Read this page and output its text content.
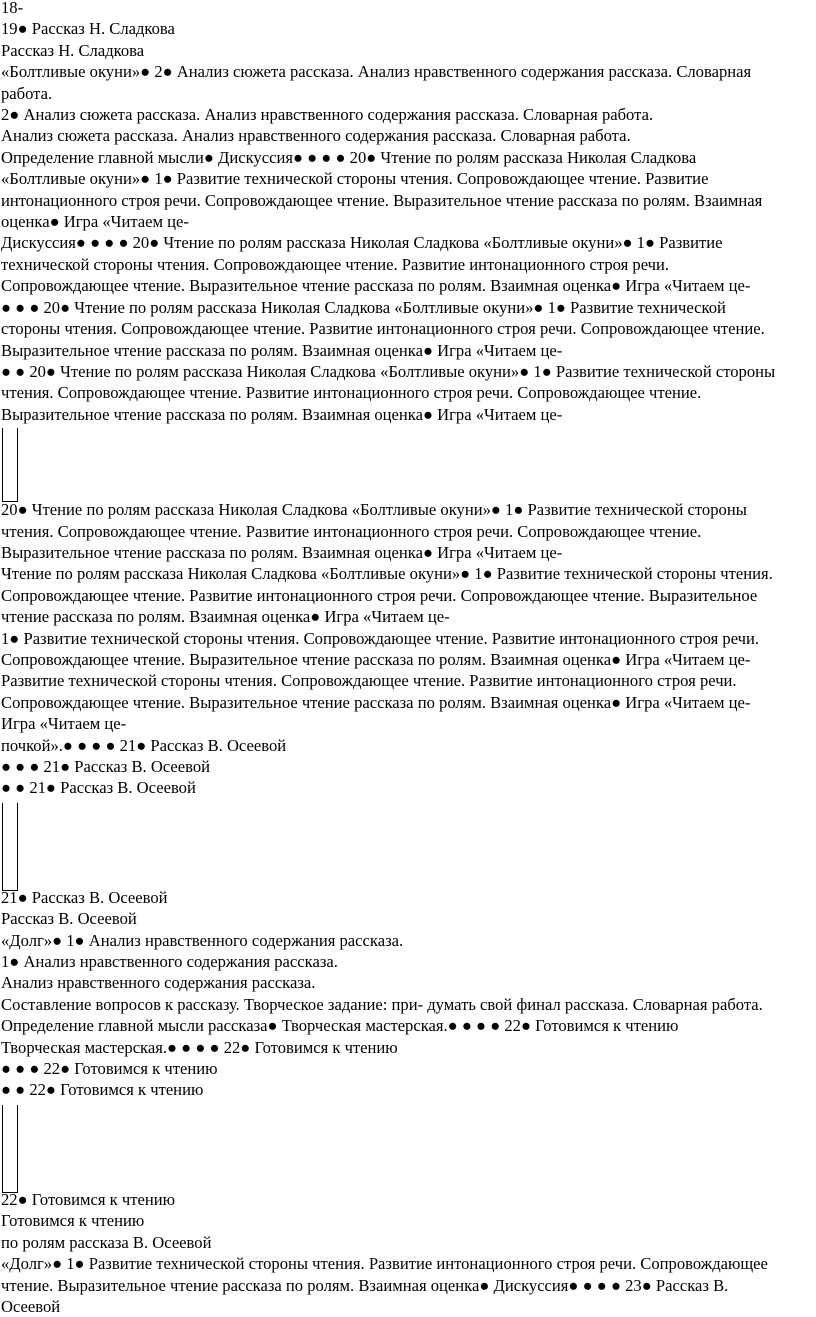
18-
19● Рассказ Н. Сладкова
Рассказ Н. Сладкова
«Болтливые окуни»● 2● Анализ сюжета рассказа. Анализ нравственного содержания рассказа. Словарная
работа.
2● Анализ сюжета рассказа. Анализ нравственного содержания рассказа. Словарная работа.
Анализ сюжета рассказа. Анализ нравственного содержания рассказа. Словарная работа.
Определение главной мысли● Дискуссия● ● ● ● 20● Чтение по ролям рассказа Николая Сладкова
«Болтливые окуни»● 1● Развитие технической стороны чтения. Сопровождающее чтение. Развитие
интонационного строя речи. Сопровождающее чтение. Выразительное чтение рассказа по ролям. Взаимная
оценка● Игра «Читаем це-
Дискуссия● ● ● ● 20● Чтение по ролям рассказа Николая Сладкова «Болтливые окуни»● 1● Развитие
технической стороны чтения. Сопровождающее чтение. Развитие интонационного строя речи.
Сопровождающее чтение. Выразительное чтение рассказа по ролям. Взаимная оценка● Игра «Читаем це-
● ● ● 20● Чтение по ролям рассказа Николая Сладкова «Болтливые окуни»● 1● Развитие технической
стороны чтения. Сопровождающее чтение. Развитие интонационного строя речи. Сопровождающее чтение.
Выразительное чтение рассказа по ролям. Взаимная оценка● Игра «Читаем це-
● ● 20● Чтение по ролям рассказа Николая Сладкова «Болтливые окуни»● 1● Развитие технической стороны
чтения. Сопровождающее чтение. Развитие интонационного строя речи. Сопровождающее чтение.
Выразительное чтение рассказа по ролям. Взаимная оценка● Игра «Читаем це-
20● Чтение по ролям рассказа Николая Сладкова «Болтливые окуни»● 1● Развитие технической стороны
чтения. Сопровождающее чтение. Развитие интонационного строя речи. Сопровождающее чтение.
Выразительное чтение рассказа по ролям. Взаимная оценка● Игра «Читаем це-
Чтение по ролям рассказа Николая Сладкова «Болтливые окуни»● 1● Развитие технической стороны чтения.
Сопровождающее чтение. Развитие интонационного строя речи. Сопровождающее чтение. Выразительное
чтение рассказа по ролям. Взаимная оценка● Игра «Читаем це-
1● Развитие технической стороны чтения. Сопровождающее чтение. Развитие интонационного строя речи.
Сопровождающее чтение. Выразительное чтение рассказа по ролям. Взаимная оценка● Игра «Читаем це-
Развитие технической стороны чтения. Сопровождающее чтение. Развитие интонационного строя речи.
Сопровождающее чтение. Выразительное чтение рассказа по ролям. Взаимная оценка● Игра «Читаем це-
Игра «Читаем це-
почкой».● ● ● ● 21● Рассказ В. Осеевой
● ● ● 21● Рассказ В. Осеевой
● ● 21● Рассказ В. Осеевой
21● Рассказ В. Осеевой
Рассказ В. Осеевой
«Долг»● 1● Анализ нравственного содержания рассказа.
1● Анализ нравственного содержания рассказа.
Анализ нравственного содержания рассказа.
Составление вопросов к рассказу. Творческое задание: при- думать свой финал рассказа. Словарная работа.
Определение главной мысли рассказа● Творческая мастерская.● ● ● ● 22● Готовимся к чтению
Творческая мастерская.● ● ● ● 22● Готовимся к чтению
● ● ● 22● Готовимся к чтению
● ● 22● Готовимся к чтению
22● Готовимся к чтению
Готовимся к чтению
по ролям рассказа В. Осеевой
«Долг»● 1● Развитие технической стороны чтения. Развитие интонационного строя речи. Сопровождающее
чтение. Выразительное чтение рассказа по ролям. Взаимная оценка● Дискуссия● ● ● ● 23● Рассказ В.
Осеевой
